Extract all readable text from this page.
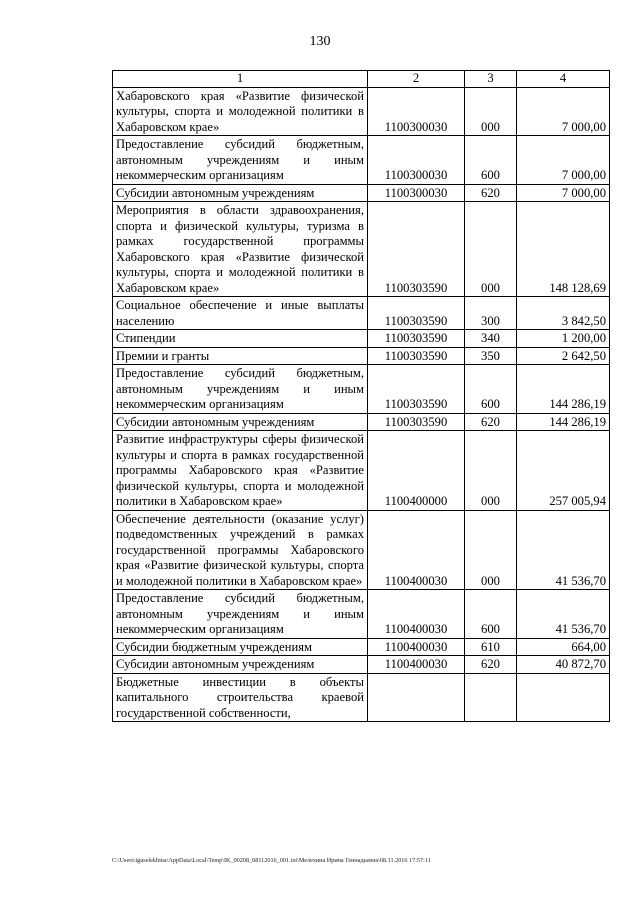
130
1	2	3	4
Хабаровского края «Развитие физической культуры, спорта и молодежной политики в Хабаровском крае»	1100300030	000	7 000,00
Предоставление субсидий бюджетным, автономным учреждениям и иным некоммерческим организациям	1100300030	600	7 000,00
Субсидии автономным учреждениям	1100300030	620	7 000,00
Мероприятия в области здравоохранения, спорта и физической культуры, туризма в рамках государственной программы Хабаровского края «Развитие физической культуры, спорта и молодежной политики в Хабаровском крае»	1100303590	000	148 128,69
Социальное обеспечение и иные выплаты населению	1100303590	300	3 842,50
Стипендии	1100303590	340	1 200,00
Премии и гранты	1100303590	350	2 642,50
Предоставление субсидий бюджетным, автономным учреждениям и иным некоммерческим организациям	1100303590	600	144 286,19
Субсидии автономным учреждениям	1100303590	620	144 286,19
Развитие инфраструктуры сферы физической культуры и спорта в рамках государственной программы Хабаровского края «Развитие физической культуры, спорта и молодежной политики в Хабаровском крае»	1100400000	000	257 005,94
Обеспечение деятельности (оказание услуг) подведомственных учреждений в рамках государственной программы Хабаровского края «Развитие физической культуры, спорта и молодежной политики в Хабаровском крае»	1100400030	000	41 536,70
Предоставление субсидий бюджетным, автономным учреждениям и иным некоммерческим организациям	1100400030	600	41 536,70
Субсидии бюджетным учреждениям	1100400030	610	664,00
Субсидии автономным учреждениям	1100400030	620	40 872,70
Бюджетные инвестиции в объекты капитального строительства краевой государственной собственности,			
C:\Users\iguselekhina\AppData\Local\Temp\IK_00208_08112016_001.txt\Мелехина Ирина Геннадьевна\08.11.2016 17:57:11
